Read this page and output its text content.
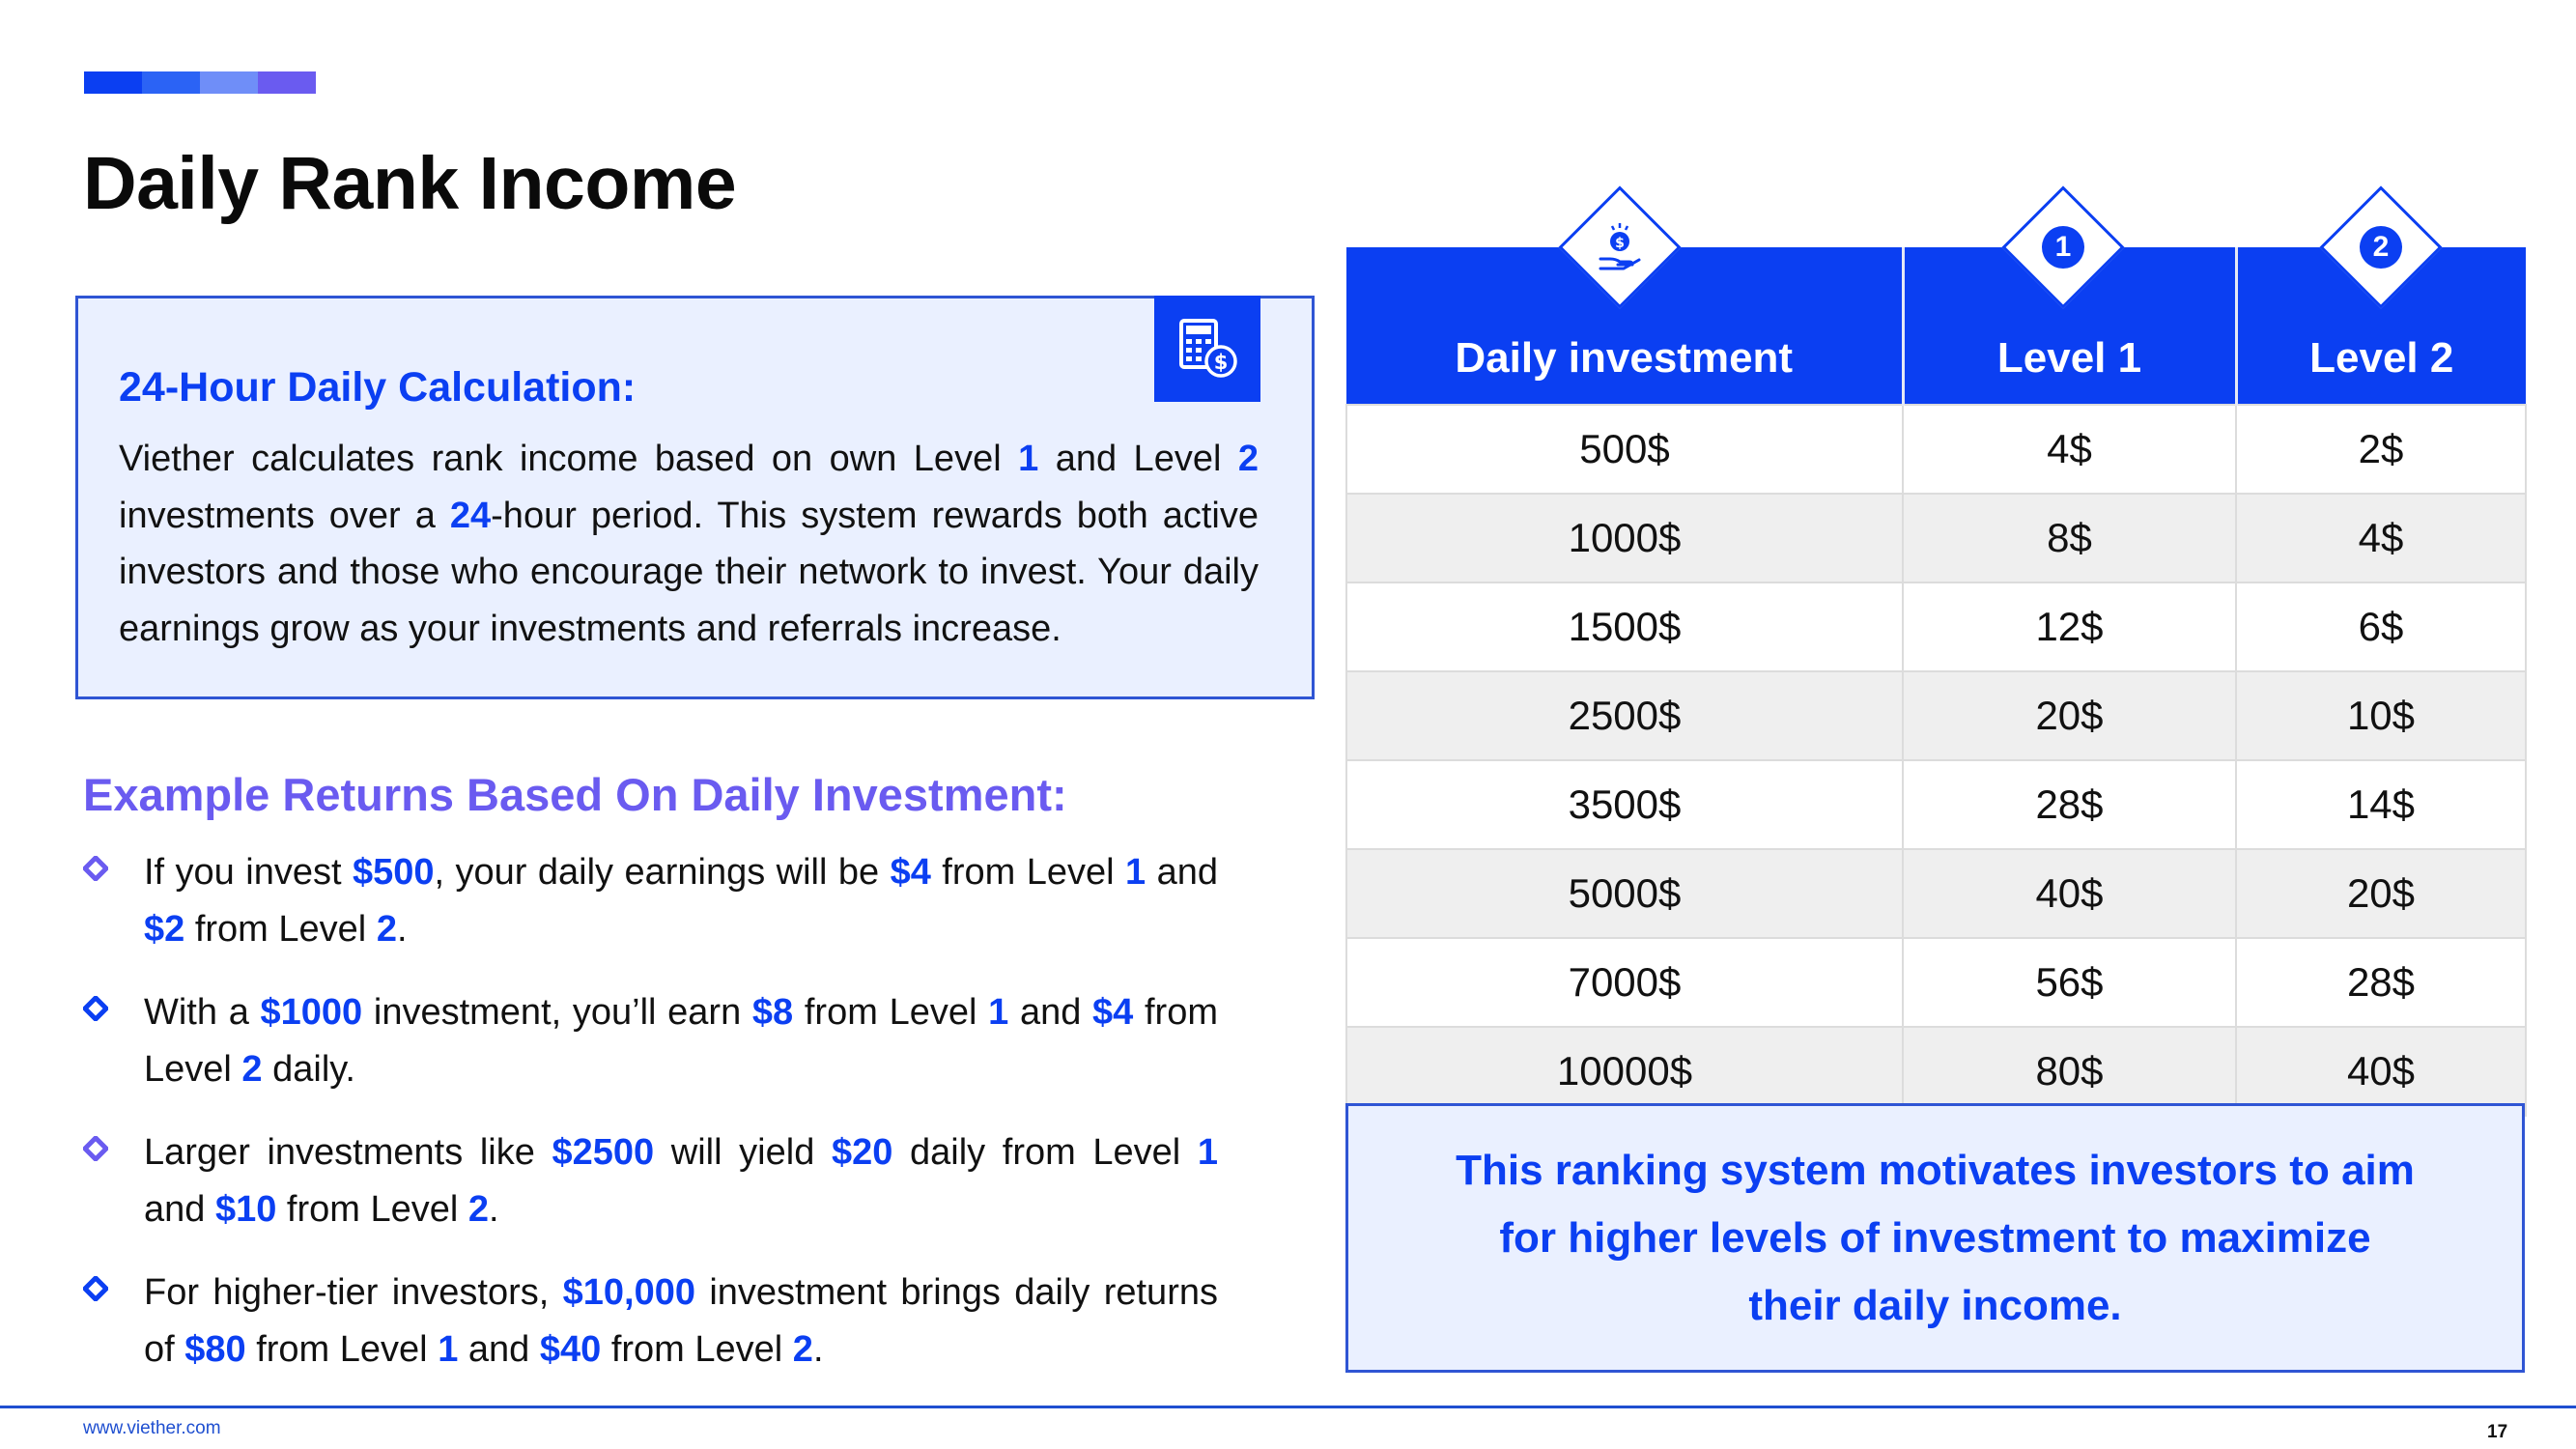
Daily Rank Income
$
24-Hour Daily Calculation:

Viether calculates rank income based on own Level 1 and Level 2 investments over a 24-hour period. This system rewards both active investors and those who encourage their network to invest. Your daily earnings grow as your investments and referrals increase.

Example Returns Based On Daily Investment:

If you invest $500, your daily earnings will be $4 from Level 1 and $2 from Level 2.

With a $1000 investment, you’ll earn $8 from Level 1 and $4 from Level 2 daily.

Larger investments like $2500 will yield $20 daily from Level 1 and $10 from Level 2.

For higher-tier investors, $10,000 investment brings daily returns of $80 from Level 1 and $40 from Level 2.

Daily investment	Level 1	Level 2
500$	4$	2$
1000$	8$	4$
1500$	12$	6$
2500$	20$	10$
3500$	28$	14$
5000$	40$	20$
7000$	56$	28$
10000$	80$	40$
$	1	2

This ranking system motivates investors to aim for higher levels of investment to maximize their daily income.

www.viether.com	17
